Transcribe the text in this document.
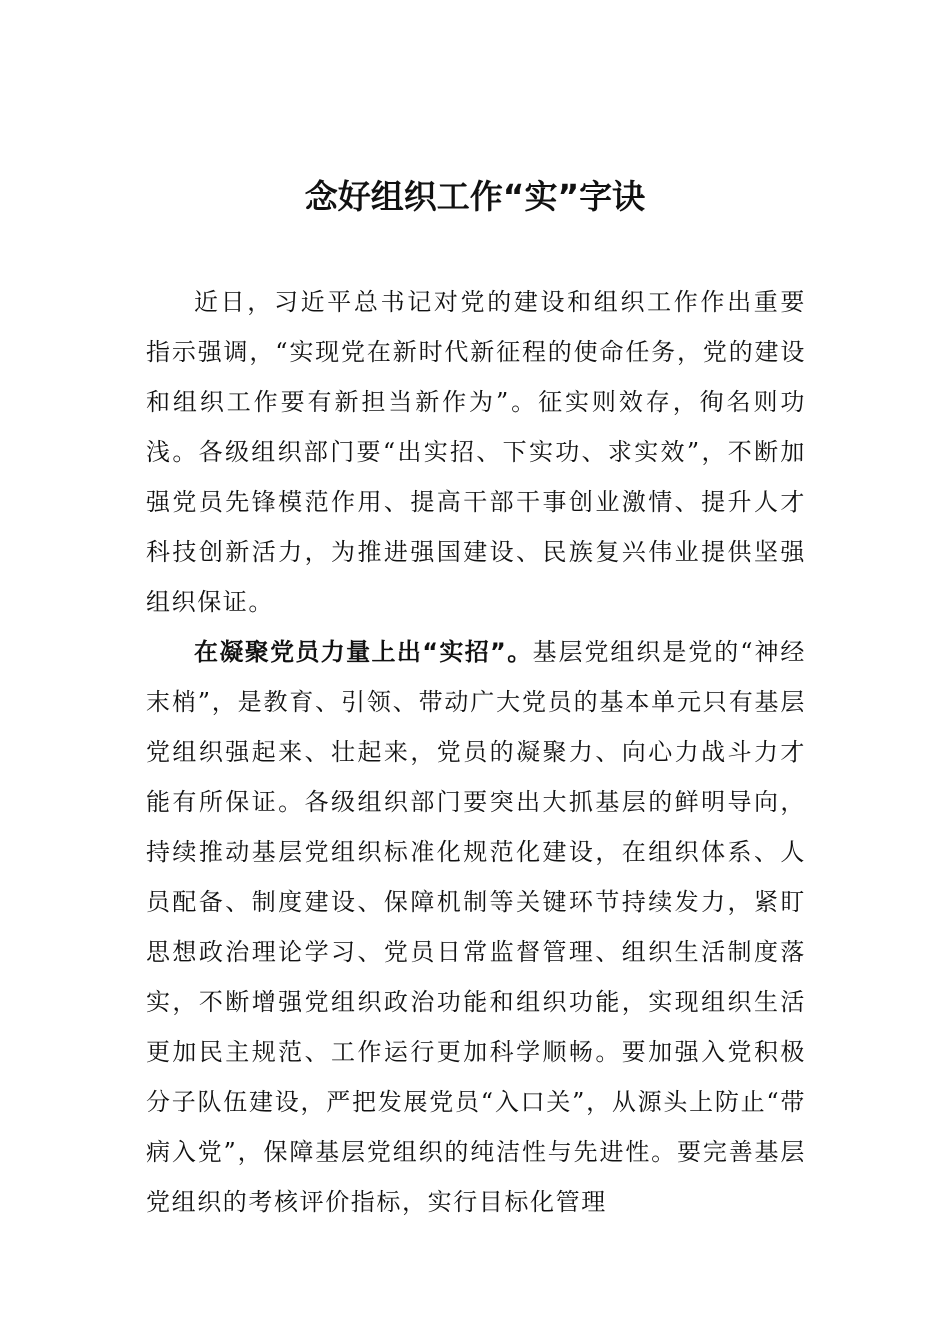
念好组织工作“实”字诀

近日，习近平总书记对党的建设和组织工作作出重要指示强调，“实现党在新时代新征程的使命任务，党的建设和组织工作要有新担当新作为”。征实则效存，徇名则功浅。各级组织部门要“出实招、下实功、求实效”，不断加强党员先锋模范作用、提高干部干事创业激情、提升人才科技创新活力，为推进强国建设、民族复兴伟业提供坚强组织保证。

在凝聚党员力量上出“实招”。基层党组织是党的“神经末梢”，是教育、引领、带动广大党员的基本单元只有基层党组织强起来、壮起来，党员的凝聚力、向心力战斗力才能有所保证。各级组织部门要突出大抓基层的鲜明导向，持续推动基层党组织标准化规范化建设，在组织体系、人员配备、制度建设、保障机制等关键环节持续发力，紧盯思想政治理论学习、党员日常监督管理、组织生活制度落实，不断增强党组织政治功能和组织功能，实现组织生活更加民主规范、工作运行更加科学顺畅。要加强入党积极分子队伍建设，严把发展党员“入口关”，从源头上防止“带病入党”，保障基层党组织的纯洁性与先进性。要完善基层党组织的考核评价指标，实行目标化管理
